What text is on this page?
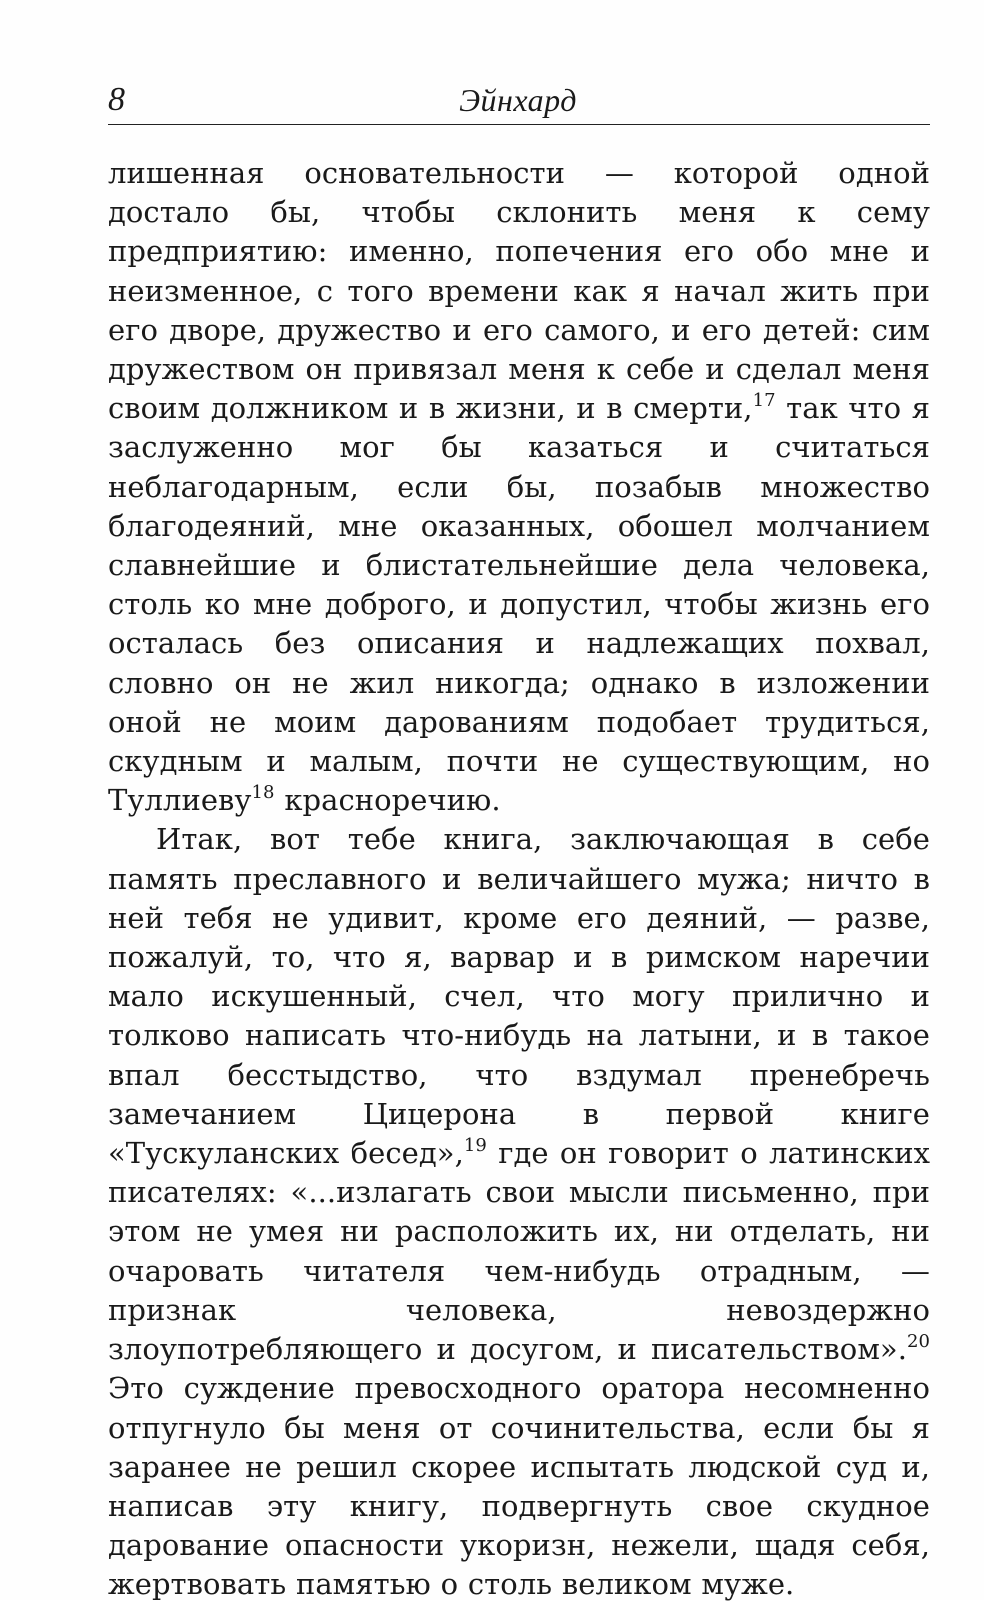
8	Эйнхард

лишенная основательности — которой одной достало бы, чтобы склонить меня к сему предприятию: именно, попечения его обо мне и неизменное, с того времени как я начал жить при его дворе, дружество и его самого, и его детей: сим дружеством он привязал меня к себе и сделал меня своим должником и в жизни, и в смерти,$^{17}$ так что я заслуженно мог бы казаться и считаться неблагодарным, если бы, позабыв множество благодеяний, мне оказанных, обошел молчанием славнейшие и блистательнейшие дела человека, столь ко мне доброго, и допустил, чтобы жизнь его осталась без описания и надлежащих похвал, словно он не жил никогда; однако в изложении оной не моим дарованиям подобает трудиться, скудным и малым, почти не существующим, но Туллиеву$^{18}$ красноречию.

Итак, вот тебе книга, заключающая в себе память преславного и величайшего мужа; ничто в ней тебя не удивит, кроме его деяний, — разве, пожалуй, то, что я, варвар и в римском наречии мало искушенный, счел, что могу прилично и толково написать что-нибудь на латыни, и в такое впал бесстыдство, что вздумал пренебречь замечанием Цицерона в первой книге «Тускуланских бесед»,$^{19}$ где он говорит о латинских писателях: «...излагать свои мысли письменно, при этом не умея ни расположить их, ни отделать, ни очаровать читателя чем-нибудь отрадным, — признак человека, невоздержно злоупотребляющего и досугом, и писательством».$^{20}$ Это суждение превосходного оратора несомненно отпугнуло бы меня от сочинительства, если бы я заранее не решил скорее испытать людской суд и, написав эту книгу, подвергнуть свое скудное дарование опасности укоризн, нежели, щадя себя, жертвовать памятью о столь великом муже.
